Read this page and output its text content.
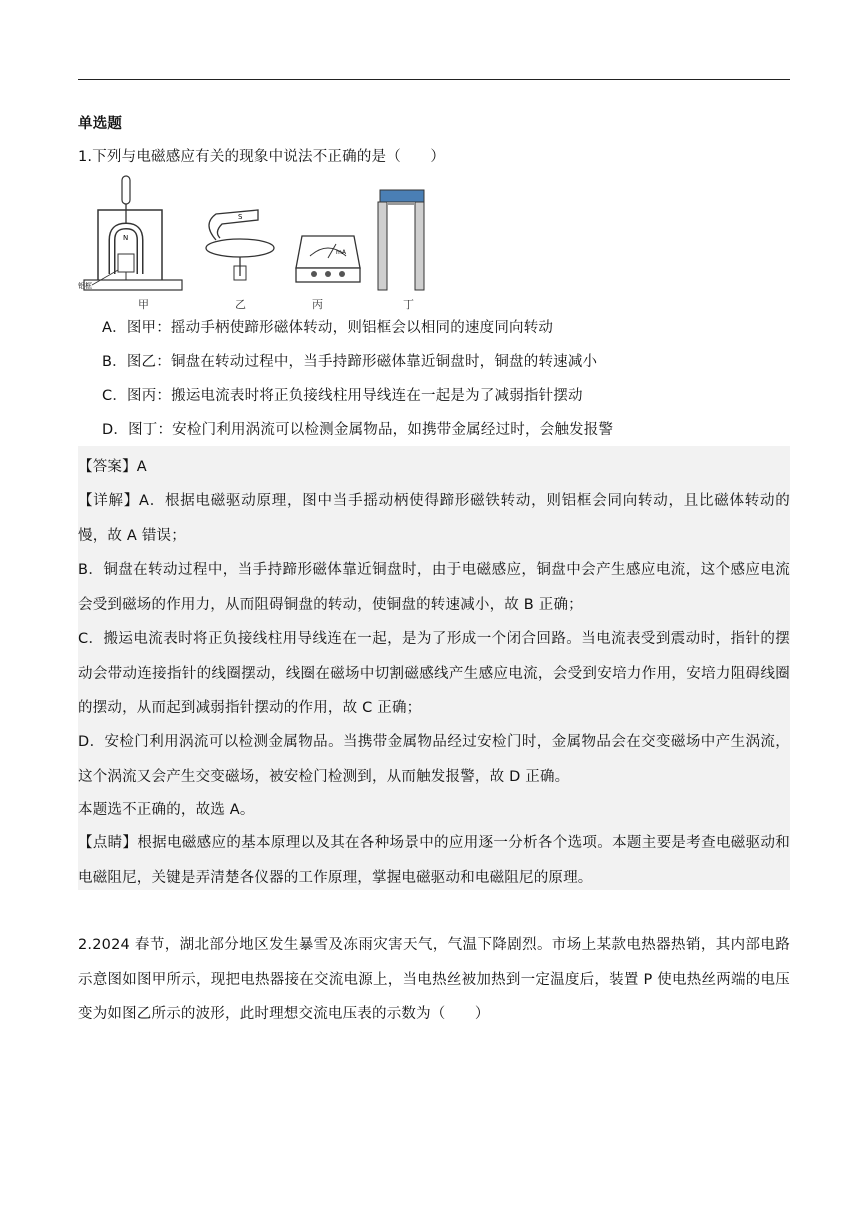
单选题
1.下列与电磁感应有关的现象中说法不正确的是（　　）
N
铝框
甲
S
乙
mA
丙	丁
A．图甲：摇动手柄使蹄形磁体转动，则铝框会以相同的速度同向转动
B．图乙：铜盘在转动过程中，当手持蹄形磁体靠近铜盘时，铜盘的转速减小
C．图丙：搬运电流表时将正负接线柱用导线连在一起是为了减弱指针摆动
D．图丁：安检门利用涡流可以检测金属物品，如携带金属经过时，会触发报警
【答案】A
【详解】A．根据电磁驱动原理，图中当手摇动柄使得蹄形磁铁转动，则铝框会同向转动，且比磁体转动的慢，故 A 错误；
B．铜盘在转动过程中，当手持蹄形磁体靠近铜盘时，由于电磁感应，铜盘中会产生感应电流，这个感应电流会受到磁场的作用力，从而阻碍铜盘的转动，使铜盘的转速减小，故 B 正确；
C．搬运电流表时将正负接线柱用导线连在一起，是为了形成一个闭合回路。当电流表受到震动时，指针的摆动会带动连接指针的线圈摆动，线圈在磁场中切割磁感线产生感应电流，会受到安培力作用，安培力阻碍线圈的摆动，从而起到减弱指针摆动的作用，故 C 正确；
D．安检门利用涡流可以检测金属物品。当携带金属物品经过安检门时，金属物品会在交变磁场中产生涡流，这个涡流又会产生交变磁场，被安检门检测到，从而触发报警，故 D 正确。
本题选不正确的，故选 A。
【点睛】根据电磁感应的基本原理以及其在各种场景中的应用逐一分析各个选项。本题主要是考查电磁驱动和电磁阻尼，关键是弄清楚各仪器的工作原理，掌握电磁驱动和电磁阻尼的原理。
2.2024 春节，湖北部分地区发生暴雪及冻雨灾害天气，气温下降剧烈。市场上某款电热器热销，其内部电路示意图如图甲所示，现把电热器接在交流电源上，当电热丝被加热到一定温度后，装置 P 使电热丝两端的电压变为如图乙所示的波形，此时理想交流电压表的示数为（　　）
